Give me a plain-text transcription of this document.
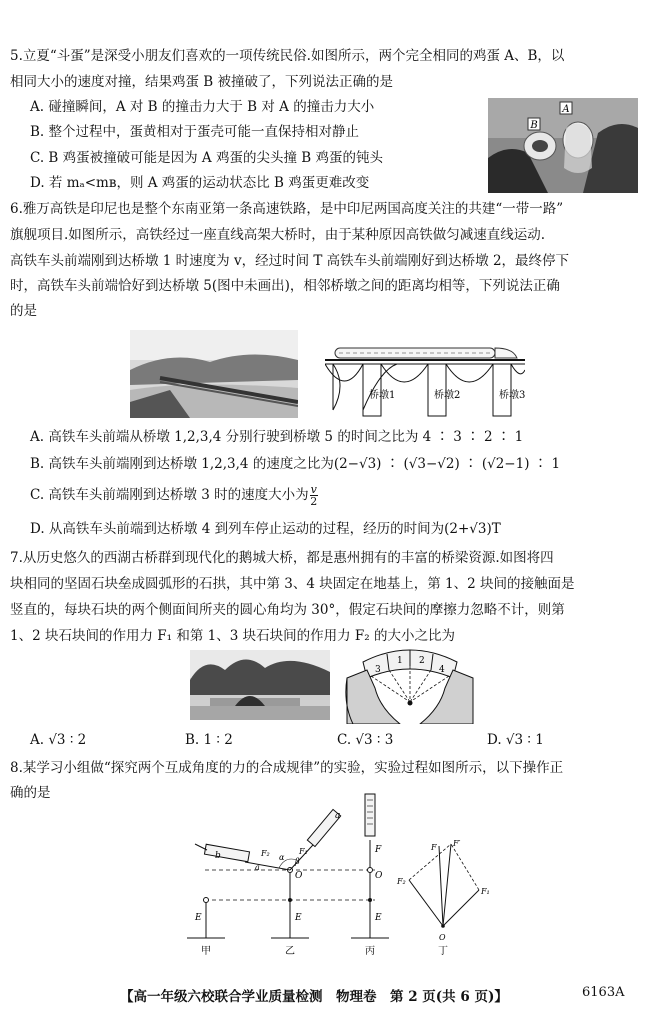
5.立夏“斗蛋”是深受小朋友们喜欢的一项传统民俗.如图所示，两个完全相同的鸡蛋 A、B，以
相同大小的速度对撞，结果鸡蛋 B 被撞破了，下列说法正确的是
A. 碰撞瞬间，A 对 B 的撞击力大于 B 对 A 的撞击力大小
B. 整个过程中，蛋黄相对于蛋壳可能一直保持相对静止
C. B 鸡蛋被撞破可能是因为 A 鸡蛋的尖头撞 B 鸡蛋的钝头
D. 若 mₐ<mʙ，则 A 鸡蛋的运动状态比 B 鸡蛋更难改变
B
A
6.雅万高铁是印尼也是整个东南亚第一条高速铁路，是中印尼两国高度关注的共建“一带一路”
旗舰项目.如图所示，高铁经过一座直线高架大桥时，由于某种原因高铁做匀减速直线运动.
高铁车头前端刚到达桥墩 1 时速度为 v，经过时间 T 高铁车头前端刚好到达桥墩 2，最终停下
时，高铁车头前端恰好到达桥墩 5(图中未画出)，相邻桥墩之间的距离均相等，下列说法正确
的是
桥墩1	桥墩2	桥墩3
A. 高铁车头前端从桥墩 1,2,3,4 分别行驶到桥墩 5 的时间之比为 4 ∶ 3 ∶ 2 ∶ 1
B. 高铁车头前端刚到达桥墩 1,2,3,4 的速度之比为(2−√3) ∶ (√3−√2) ∶ (√2−1) ∶ 1
C. 高铁车头前端刚到达桥墩 3 时的速度大小为 $\frac{v}{2}$
D. 从高铁车头前端到达桥墩 4 到列车停止运动的过程，经历的时间为(2+√3)T
7.从历史悠久的西湖古桥群到现代化的鹅城大桥，都是惠州拥有的丰富的桥梁资源.如图将四
块相同的坚固石块垒成圆弧形的石拱，其中第 3、4 块固定在地基上，第 1、2 块间的接触面是
竖直的，每块石块的两个侧面间所夹的圆心角均为 30°，假定石块间的摩擦力忽略不计，则第
1、2 块石块间的作用力 F₁ 和第 1、3 块石块间的作用力 F₂ 的大小之比为
1 2
3	4
A. √3 ∶ 2	B. 1 ∶ 2	C. √3 ∶ 3	D. √3 ∶ 1
8.某学习小组做“探究两个互成角度的力的合成规律”的实验，实验过程如图所示，以下操作正
确的是
E
甲
E
O
乙
b	F₂
a
a
F₁
α β
F
O
E
丙
F F′
F₂
F₁
O
丁
【高一年级六校联合学业质量检测　物理卷　第 2 页(共 6 页)】	6163A
